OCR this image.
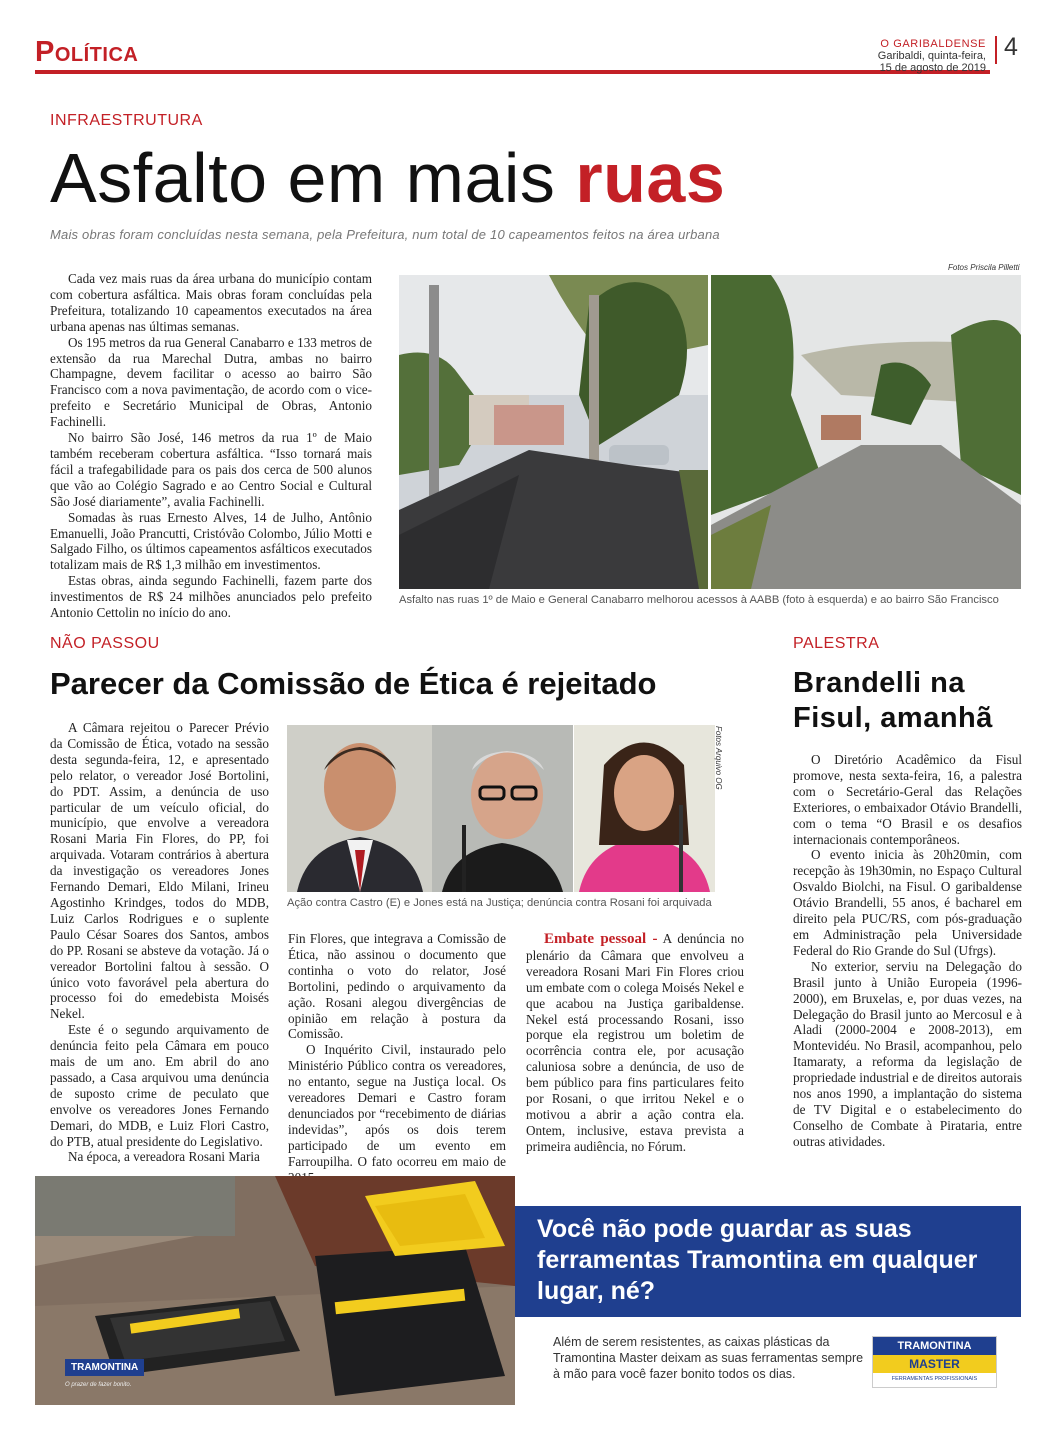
Política	O GARIBALDENSE
Garibaldi, quinta-feira,
15 de agosto de 2019
4
INFRAESTRUTURA
Asfalto em mais ruas
Mais obras foram concluídas nesta semana, pela Prefeitura, num total de 10 capeamentos feitos na área urbana

Cada vez mais ruas da área urbana do município contam com cobertura asfáltica. Mais obras foram concluídas pela Prefeitura, totalizando 10 capeamentos executados na área urbana apenas nas últimas semanas.

Os 195 metros da rua General Canabarro e 133 metros de extensão da rua Marechal Dutra, ambas no bairro Champagne, devem facilitar o acesso ao bairro São Francisco com a nova pavimentação, de acordo com o vice-prefeito e Secretário Municipal de Obras, Antonio Fachinelli.

No bairro São José, 146 metros da rua 1º de Maio também receberam cobertura asfáltica. “Isso tornará mais fácil a trafegabilidade para os pais dos cerca de 500 alunos que vão ao Colégio Sagrado e ao Centro Social e Cultural São José diariamente”, avalia Fachinelli.

Somadas às ruas Ernesto Alves, 14 de Julho, Antônio Emanuelli, João Prancutti, Cristóvão Colombo, Júlio Motti e Salgado Filho, os últimos capeamentos asfálticos executados totalizam mais de R$ 1,3 milhão em investimentos.

Estas obras, ainda segundo Fachinelli, fazem parte dos investimentos de R$ 24 milhões anunciados pelo prefeito Antonio Cettolin no início do ano.

Fotos Priscila Pilletti
Asfalto nas ruas 1º de Maio e General Canabarro melhorou acessos à AABB (foto à esquerda) e ao bairro São Francisco
NÃO PASSOU
Parecer da Comissão de Ética é rejeitado

A Câmara rejeitou o Parecer Prévio da Comissão de Ética, votado na sessão desta segunda-feira, 12, e apresentado pelo relator, o vereador José Bortolini, do PDT. Assim, a denúncia de uso particular de um veículo oficial, do município, que envolve a vereadora Rosani Maria Fin Flores, do PP, foi arquivada. Votaram contrários à abertura da investigação os vereadores Jones Fernando Demari, Eldo Milani, Irineu Agostinho Krindges, todos do MDB, Luiz Carlos Rodrigues e o suplente Paulo César Soares dos Santos, ambos do PP. Rosani se absteve da votação. Já o vereador Bortolini faltou à sessão. O único voto favorável pela abertura do processo foi do emedebista Moisés Nekel.

Este é o segundo arquivamento de denúncia feito pela Câmara em pouco mais de um ano. Em abril do ano passado, a Casa arquivou uma denúncia de suposto crime de peculato que envolve os vereadores Jones Fernando Demari, do MDB, e Luiz Flori Castro, do PTB, atual presidente do Legislativo.

Na época, a vereadora Rosani Maria

Fin Flores, que integrava a Comissão de Ética, não assinou o documento que continha o voto do relator, José Bortolini, pedindo o arquivamento da ação. Rosani alegou divergências de opinião em relação à postura da Comissão.

O Inquérito Civil, instaurado pelo Ministério Público contra os vereadores, no entanto, segue na Justiça local. Os vereadores Demari e Castro foram denunciados por “recebimento de diárias indevidas”, após os dois terem participado de um evento em Farroupilha. O fato ocorreu em maio de

Embate pessoal - A denúncia no plenário da Câmara que envolveu a vereadora Rosani Mari Fin Flores criou um embate com o colega Moisés Nekel e que acabou na Justiça garibaldense. Nekel está processando Rosani, isso porque ela registrou um boletim de ocorrência contra ele, por acusação caluniosa sobre a denúncia, de uso de bem público para fins particulares feito por Rosani, o que irritou Nekel e o motivou a abrir a ação contra ela. Ontem, inclusive, estava prevista a primeira audiência, no Fórum.

Fotos Arquivo OG
Ação contra Castro (E) e Jones está na Justiça; denúncia contra Rosani foi arquivada
PALESTRA
Brandelli na Fisul, amanhã

O Diretório Acadêmico da Fisul promove, nesta sexta-feira, 16, a palestra com o Secretário-Geral das Relações Exteriores, o embaixador Otávio Brandelli, com o tema “O Brasil e os desafios internacionais contemporâneos.

O evento inicia às 20h20min, com recepção às 19h30min, no Espaço Cultural Osvaldo Biolchi, na Fisul. O garibaldense Otávio Brandelli, 55 anos, é bacharel em direito pela PUC/RS, com pós-graduação em Administração pela Universidade Federal do Rio Grande do Sul (Ufrgs).

No exterior, serviu na Delegação do Brasil junto à União Europeia (1996-2000), em Bruxelas, e, por duas vezes, na Delegação do Brasil junto ao Mercosul e à Aladi (2000-2004 e 2008-2013), em Montevidéu. No Brasil, acompanhou, pelo Itamaraty, a reforma da legislação de propriedade industrial e de direitos autorais nos anos 1990, a implantação do sistema de TV Digital e o estabelecimento do Conselho de Combate à Pirataria, entre outras atividades.

TRAMONTINA
O prazer de fazer bonito.
Você não pode guardar as suas ferramentas Tramontina em qualquer lugar, né?
Além de serem resistentes, as caixas plásticas da Tramontina Master deixam as suas ferramentas sempre à mão para você fazer bonito todos os dias.
TRAMONTINA
MASTER
FERRAMENTAS PROFISSIONAIS
